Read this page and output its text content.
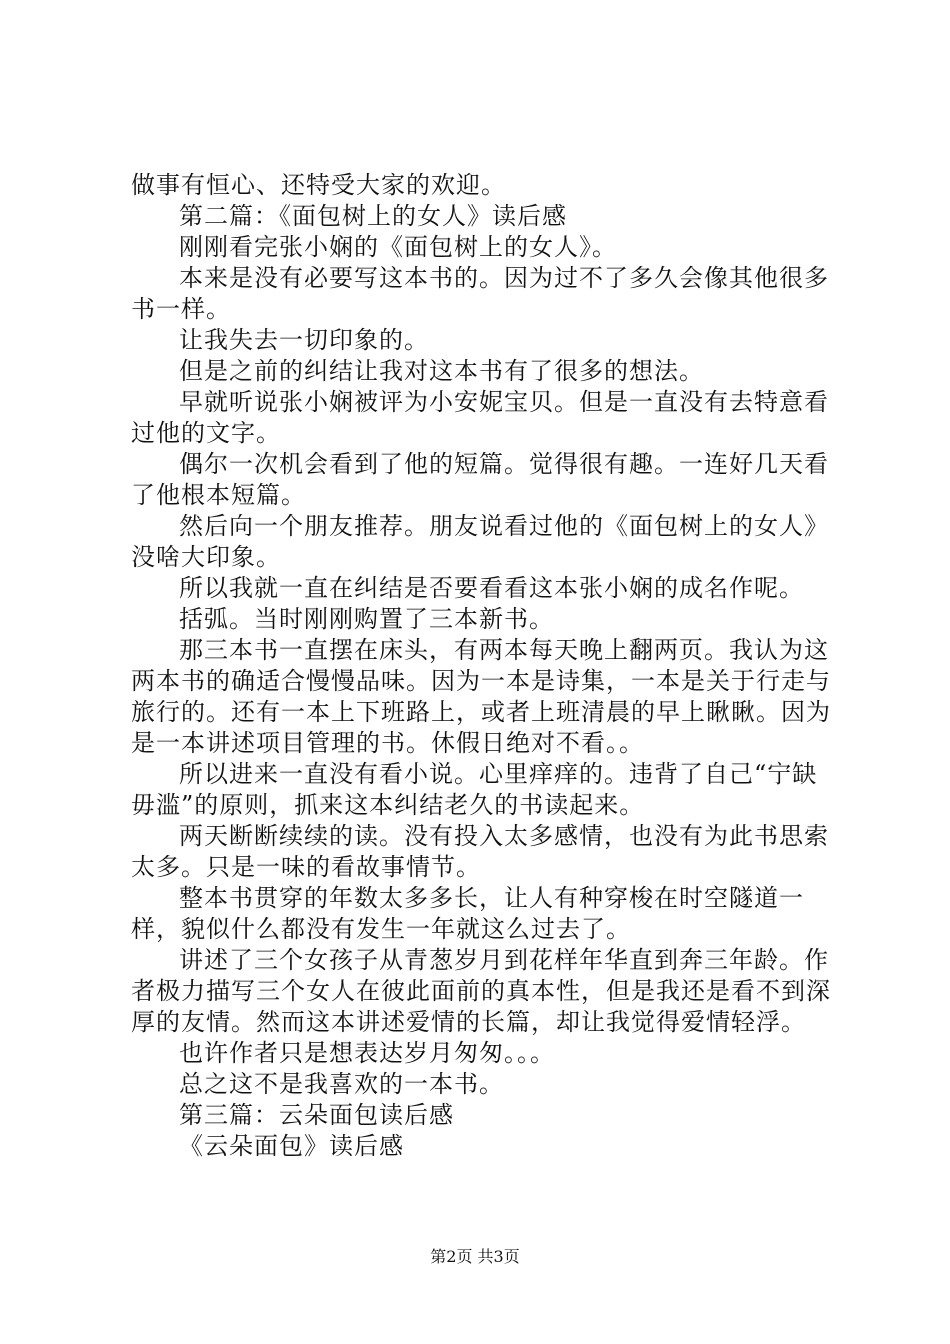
做事有恒心、还特受大家的欢迎。

第二篇：《面包树上的女人》读后感

刚刚看完张小娴的《面包树上的女人》。

本来是没有必要写这本书的。因为过不了多久会像其他很多书一样。

让我失去一切印象的。

但是之前的纠结让我对这本书有了很多的想法。

早就听说张小娴被评为小安妮宝贝。但是一直没有去特意看过他的文字。

偶尔一次机会看到了他的短篇。觉得很有趣。一连好几天看了他根本短篇。

然后向一个朋友推荐。朋友说看过他的《面包树上的女人》没啥大印象。

所以我就一直在纠结是否要看看这本张小娴的成名作呢。

括弧。当时刚刚购置了三本新书。

那三本书一直摆在床头，有两本每天晚上翻两页。我认为这两本书的确适合慢慢品味。因为一本是诗集，一本是关于行走与旅行的。还有一本上下班路上，或者上班清晨的早上瞅瞅。因为是一本讲述项目管理的书。休假日绝对不看。。

所以进来一直没有看小说。心里痒痒的。违背了自己“宁缺毋滥”的原则，抓来这本纠结老久的书读起来。

两天断断续续的读。没有投入太多感情，也没有为此书思索太多。只是一味的看故事情节。

整本书贯穿的年数太多多长，让人有种穿梭在时空隧道一样，貌似什么都没有发生一年就这么过去了。

讲述了三个女孩子从青葱岁月到花样年华直到奔三年龄。作者极力描写三个女人在彼此面前的真本性，但是我还是看不到深厚的友情。然而这本讲述爱情的长篇，却让我觉得爱情轻浮。

也许作者只是想表达岁月匆匆。。。

总之这不是我喜欢的一本书。

第三篇：云朵面包读后感

《云朵面包》读后感

第2页 共3页
